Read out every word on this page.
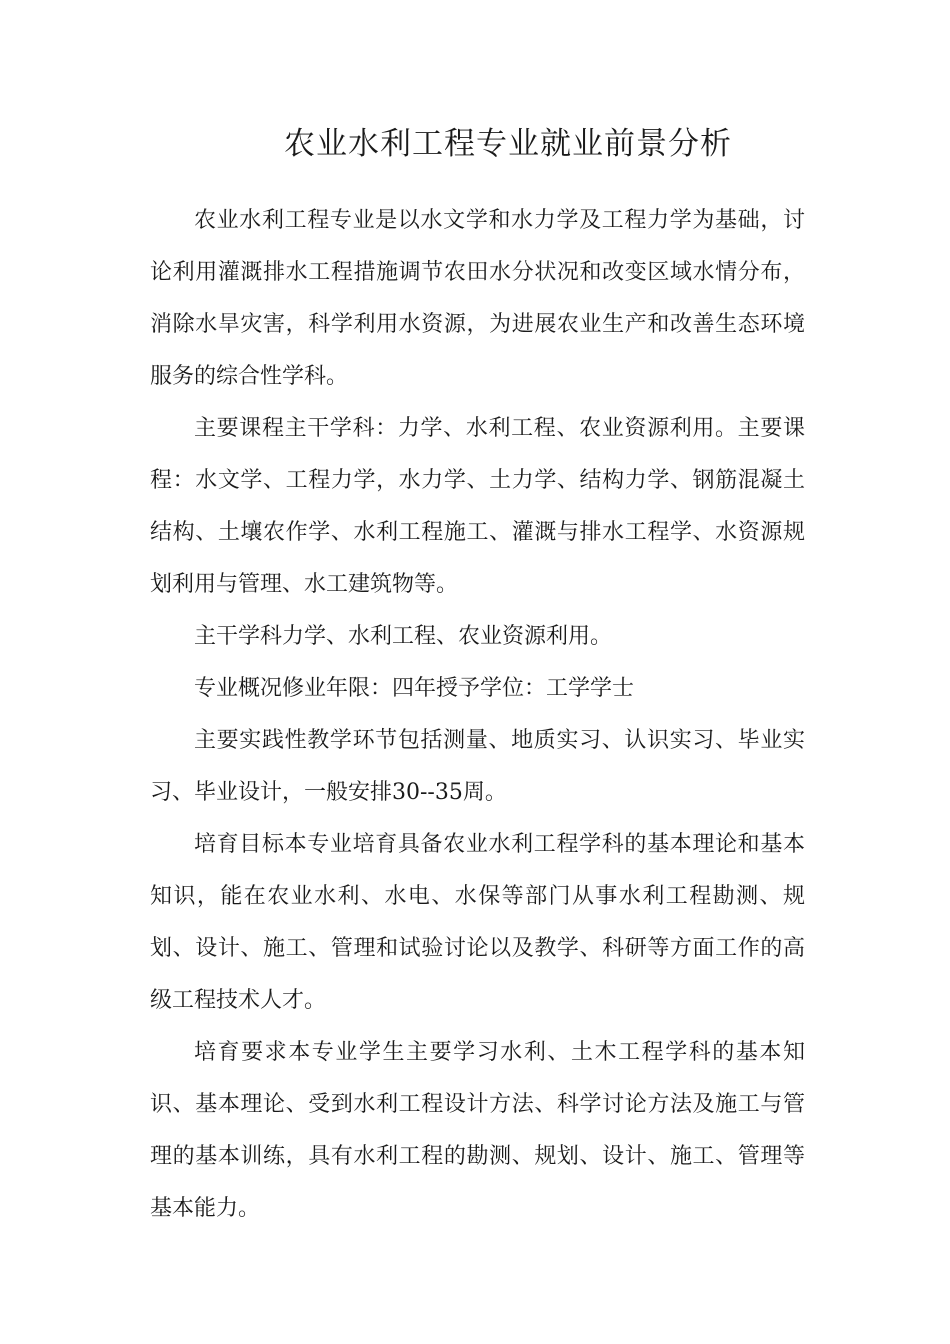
农业水利工程专业就业前景分析

农业水利工程专业是以水文学和水力学及工程力学为基础，讨论利用灌溉排水工程措施调节农田水分状况和改变区域水情分布，消除水旱灾害，科学利用水资源，为进展农业生产和改善生态环境服务的综合性学科。

主要课程主干学科：力学、水利工程、农业资源利用。主要课程：水文学、工程力学，水力学、土力学、结构力学、钢筋混凝土结构、土壤农作学、水利工程施工、灌溉与排水工程学、水资源规划利用与管理、水工建筑物等。

主干学科力学、水利工程、农业资源利用。

专业概况修业年限：四年授予学位：工学学士

主要实践性教学环节包括测量、地质实习、认识实习、毕业实习、毕业设计，一般安排30--35周。

培育目标本专业培育具备农业水利工程学科的基本理论和基本知识，能在农业水利、水电、水保等部门从事水利工程勘测、规划、设计、施工、管理和试验讨论以及教学、科研等方面工作的高级工程技术人才。

培育要求本专业学生主要学习水利、土木工程学科的基本知识、基本理论、受到水利工程设计方法、科学讨论方法及施工与管理的基本训练，具有水利工程的勘测、规划、设计、施工、管理等基本能力。
